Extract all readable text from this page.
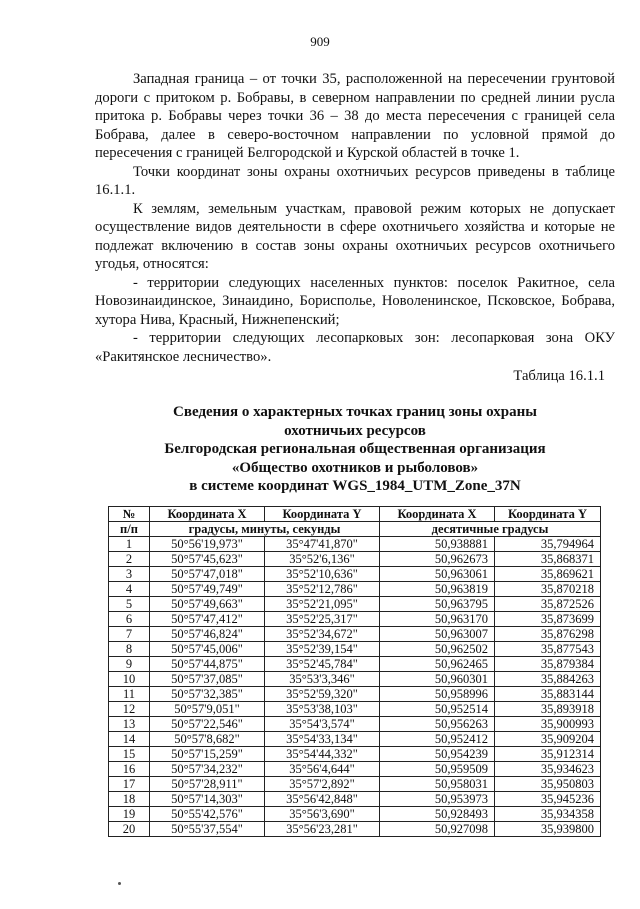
909

Западная граница – от точки 35, расположенной на пересечении грунтовой дороги с притоком р. Бобравы, в северном направлении по средней линии русла притока р. Бобравы через точки 36 – 38 до места пересечения с границей села Бобрава, далее в северо-восточном направлении по условной прямой до пересечения с границей Белгородской и Курской областей в точке 1.

Точки координат зоны охраны охотничьих ресурсов приведены в таблице 16.1.1.

К землям, земельным участкам, правовой режим которых не допускает осуществление видов деятельности в сфере охотничьего хозяйства и которые не подлежат включению в состав зоны охраны охотничьих ресурсов охотничьего угодья, относятся:

- территории следующих населенных пунктов: поселок Ракитное, села Новозинаидинское, Зинаидино, Борисполье, Новоленинское, Псковское, Бобрава, хутора Нива, Красный, Нижнепенский;

- территории следующих лесопарковых зон: лесопарковая зона ОКУ «Ракитянское лесничество».

Таблица 16.1.1
Сведения о характерных точках границ зоны охраны
охотничьих ресурсов
Белгородская региональная общественная организация
«Общество охотников и рыболовов»
в системе координат WGS_1984_UTM_Zone_37N
№	Координата X	Координата Y	Координата X	Координата Y
п/п	градусы, минуты, секунды		десятичные градусы	
1	50°56'19,973"	35°47'41,870"	50,938881	35,794964
2	50°57'45,623"	35°52'6,136"	50,962673	35,868371
3	50°57'47,018"	35°52'10,636"	50,963061	35,869621
4	50°57'49,749"	35°52'12,786"	50,963819	35,870218
5	50°57'49,663"	35°52'21,095"	50,963795	35,872526
6	50°57'47,412"	35°52'25,317"	50,963170	35,873699
7	50°57'46,824"	35°52'34,672"	50,963007	35,876298
8	50°57'45,006"	35°52'39,154"	50,962502	35,877543
9	50°57'44,875"	35°52'45,784"	50,962465	35,879384
10	50°57'37,085"	35°53'3,346"	50,960301	35,884263
11	50°57'32,385"	35°52'59,320"	50,958996	35,883144
12	50°57'9,051"	35°53'38,103"	50,952514	35,893918
13	50°57'22,546"	35°54'3,574"	50,956263	35,900993
14	50°57'8,682"	35°54'33,134"	50,952412	35,909204
15	50°57'15,259"	35°54'44,332"	50,954239	35,912314
16	50°57'34,232"	35°56'4,644"	50,959509	35,934623
17	50°57'28,911"	35°57'2,892"	50,958031	35,950803
18	50°57'14,303"	35°56'42,848"	50,953973	35,945236
19	50°55'42,576"	35°56'3,690"	50,928493	35,934358
20	50°55'37,554"	35°56'23,281"	50,927098	35,939800
